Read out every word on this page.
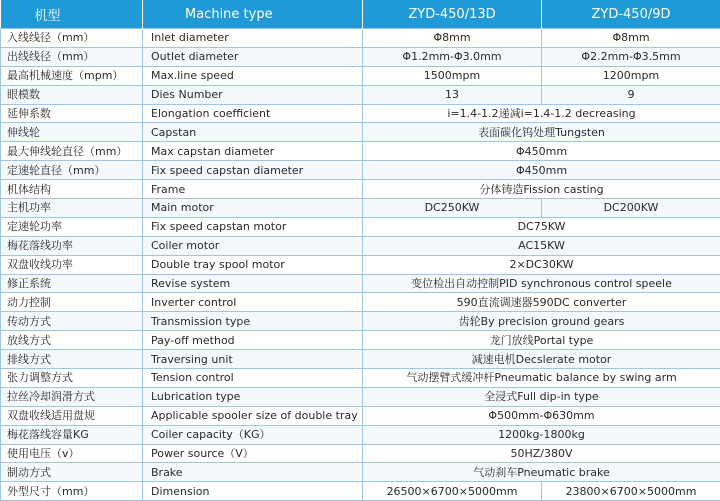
机型	Machine type	ZYD-450/13D	ZYD-450/9D
入线线径（mm）	Inlet diameter	Φ8mm	Φ8mm
出线线径（mm）	Outlet diameter	Φ1.2mm-Φ3.0mm	Φ2.2mm-Φ3.5mm
最高机械速度（mpm）	Max.line speed	1500mpm	1200mpm
眼模数	Dies Number	13	9
延伸系数	Elongation coefficient	i=1.4-1.2递减i=1.4-1.2 decreasing	
伸线轮	Capstan	表面碳化钨处理Tungsten	
最大伸线轮直径（mm）	Max capstan diameter	Φ450mm	
定速轮直径（mm）	Fix speed capstan diameter	Φ450mm	
机体结构	Frame	分体铸造Fission casting	
主机功率	Main motor	DC250KW	DC200KW
定速轮功率	Fix speed capstan motor	DC75KW	
梅花落线功率	Coiler motor	AC15KW	
双盘收线功率	Double tray spool motor	2×DC30KW	
修正系统	Revise system	变位检出自动控制PID synchronous control speele	
动力控制	Inverter control	590直流调速器590DC converter	
传动方式	Transmission type	齿轮By precision ground gears	
放线方式	Pay-off method	龙门放线Portal type	
排线方式	Traversing unit	减速电机Decslerate motor	
张力调整方式	Tension control	气动摆臂式缓冲杆Pneumatic balance by swing arm	
拉丝冷却润滑方式	Lubrication type	全浸式Full dip-in type	
双盘收线适用盘规	Applicable spooler size of double tray	Φ500mm-Φ630mm	
梅花落线容量KG	Coiler capacity（KG）	1200kg-1800kg	
使用电压（v）	Power source（V）	50HZ/380V	
制动方式	Brake	气动刹车Pneumatic brake	
外型尺寸（mm）	Dimension	26500×6700×5000mm	23800×6700×5000mm
